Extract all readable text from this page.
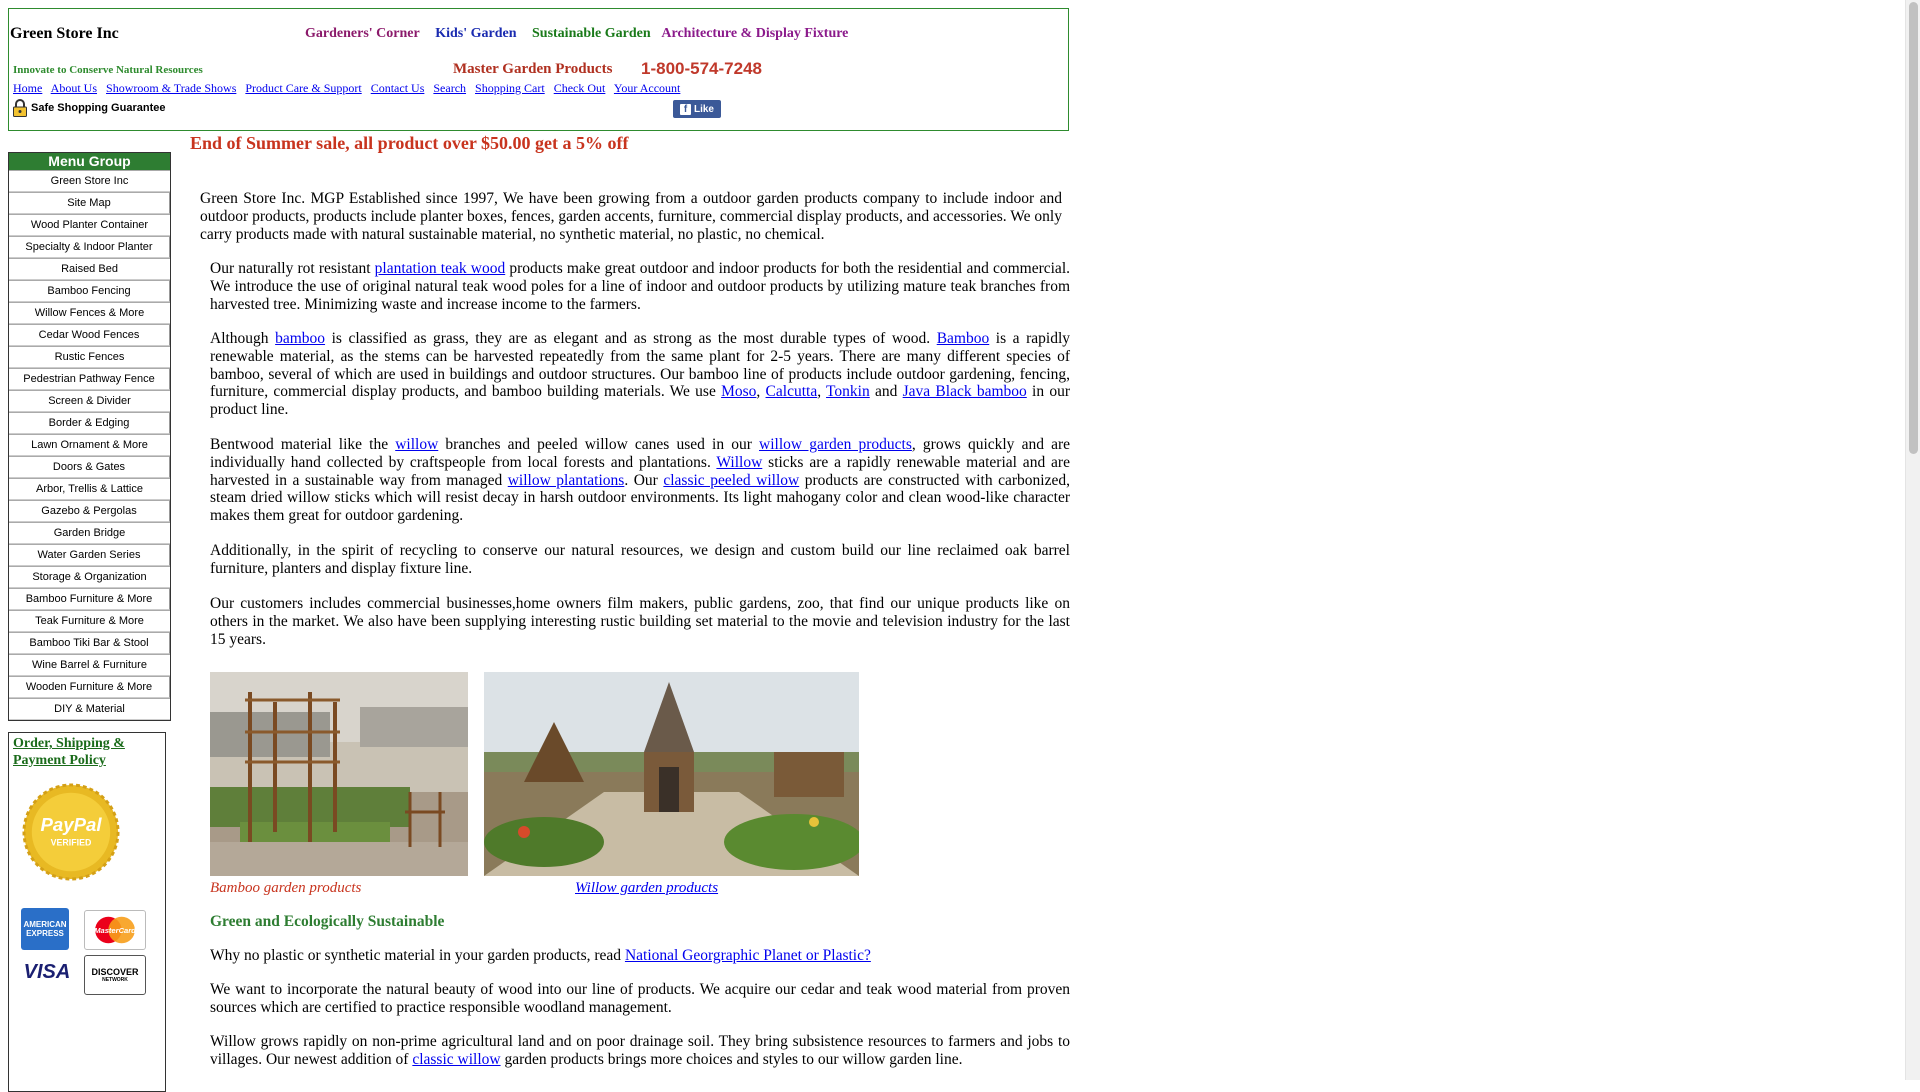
Green Store Inc	Gardeners' Corner Kids' Garden Sustainable Garden Architecture & Display Fixture
Innovate to Conserve Natural Resources	Master Garden Products 1-800-574-7248
Home About Us Showroom & Trade Shows Product Care & Support Contact Us Search Shopping Cart Check Out Your Account
Safe Shopping Guarantee	f Like
End of Summer sale, all product over $50.00 get a 5% off
Menu Group
Green Store Inc
Site Map
Wood Planter Container
Specialty & Indoor Planter
Raised Bed
Bamboo Fencing
Willow Fences & More
Cedar Wood Fences
Rustic Fences
Pedestrian Pathway Fence
Screen & Divider
Border & Edging
Lawn Ornament & More
Doors & Gates
Arbor, Trellis & Lattice
Gazebo & Pergolas
Garden Bridge
Water Garden Series
Storage & Organization
Bamboo Furniture & More
Teak Furniture & More
Bamboo Tiki Bar & Stool
Wine Barrel & Furniture
Wooden Furniture & More
DIY & Material
Order, Shipping & Payment Policy
PayPal
VERIFIED
AMERICAN EXPRESS	MasterCard
VISA	DISCOVER
NETWORK

Green Store Inc. MGP Established since 1997, We have been growing from a outdoor garden products company to include indoor and outdoor products, products include planter boxes, fences, garden accents, furniture, commercial display products, and accessories. We only carry products made with natural sustainable material, no synthetic material, no plastic, no chemical.

Our naturally rot resistant plantation teak wood products make great outdoor and indoor products for both the residential and commercial. We introduce the use of original natural teak wood poles for a line of indoor and outdoor products by utilizing mature teak branches from harvested tree. Minimizing waste and increase income to the farmers.

Although bamboo is classified as grass, they are as elegant and as strong as the most durable types of wood. Bamboo is a rapidly renewable material, as the stems can be harvested repeatedly from the same plant for 2-5 years. There are many different species of bamboo, several of which are used in buildings and outdoor structures. Our bamboo line of products include outdoor gardening, fencing, furniture, commercial display products, and bamboo building materials. We use Moso, Calcutta, Tonkin and Java Black bamboo in our product line.

Bentwood material like the willow branches and peeled willow canes used in our willow garden products, grows quickly and are individually hand collected by craftspeople from local forests and plantations. Willow sticks are a rapidly renewable material and are harvested in a sustainable way from managed willow plantations. Our classic peeled willow products are constructed with carbonized, steam dried willow sticks which will resist decay in harsh outdoor environments. Its light mahogany color and clean wood-like character makes them great for outdoor gardening.

Additionally, in the spirit of recycling to conserve our natural resources, we design and custom build our line reclaimed oak barrel furniture, planters and display fixture line.

Our customers includes commercial businesses,home owners film makers, public gardens, zoo, that find our unique products like on others in the market. We also have been supplying interesting rustic building set material to the movie and television industry for the last 15 years.

Bamboo garden products	Willow garden products
Green and Ecologically Sustainable

Why no plastic or synthetic material in your garden products, read National Georgraphic Planet or Plastic?

We want to incorporate the natural beauty of wood into our line of products. We acquire our cedar and teak wood material from proven sources which are certified to practice responsible woodland management.

Willow grows rapidly on non-prime agricultural land and on poor drainage soil. They bring subsistence resources to farmers and jobs to villages. Our newest addition of classic willow garden products brings more choices and styles to our willow garden line.
